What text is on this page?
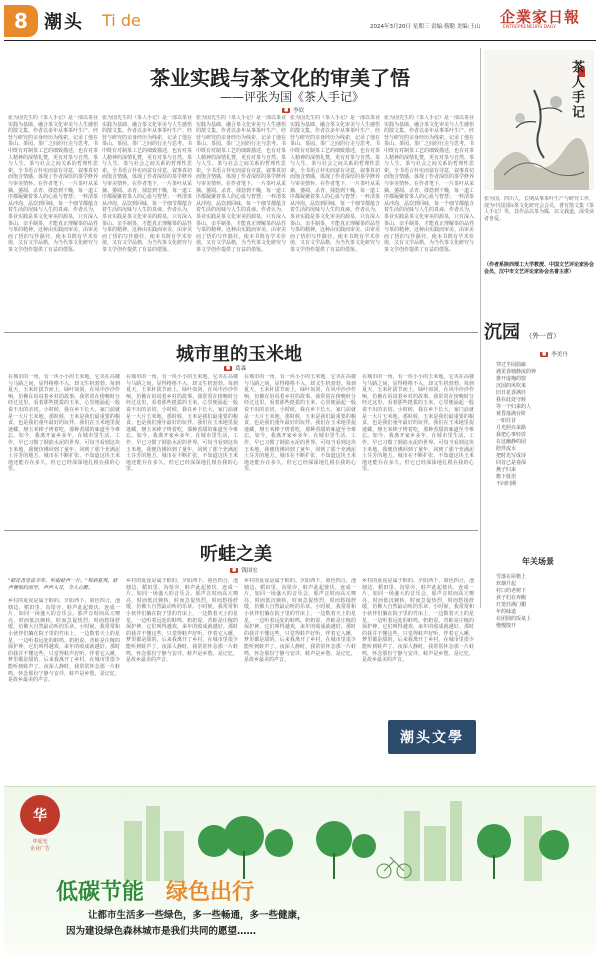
8 潮头 Ti de	2024年3月20日 星期三 责编:蔡勤 美编:王山
企業家日報
ENTREPRENEURS DAILY
茶业实践与茶文化的审美了悟
——评张为国《茶人手记》
■ 李钦
张为国先生的《茶人手记》是一部以茶业实践为基础、融合茶文化审美与人生感悟的散文集。作者以多年从事茶叶生产、经营与研究的亲身经历为线索，记录了他在茶山、茶园、茶厂之间的行走与思考。书中既有对制茶工艺的细致描述，也有对茶人精神的深情礼赞，更有对茶与自然、茶与人生、茶与社会之间关系的哲理性思索。全书语言朴实而富有诗意，叙事真切而饱含情感，体现了作者深厚的茶学修养与审美情怀。在作者笔下，一片茶叶从采摘、萎凋、杀青、揉捻到干燥，每一道工序都凝聚着茶人的心血与智慧；一杯清茶从冲泡、品饮到回味，每一个细节都蕴含着生活的况味与人生的真谛。作者认为，茶业实践是茶文化审美的源泉，只有深入茶山、亲手制茶，才能真正理解茶的品性与茶的精神。这种由实践而审美、由审美而了悟的写作路径，使本书既有学术价值，又有文学品格，为当代茶文化研究与茶文学创作提供了有益的借鉴。
张为国先生的《茶人手记》是一部以茶业实践为基础、融合茶文化审美与人生感悟的散文集。作者以多年从事茶叶生产、经营与研究的亲身经历为线索，记录了他在茶山、茶园、茶厂之间的行走与思考。书中既有对制茶工艺的细致描述，也有对茶人精神的深情礼赞，更有对茶与自然、茶与人生、茶与社会之间关系的哲理性思索。全书语言朴实而富有诗意，叙事真切而饱含情感，体现了作者深厚的茶学修养与审美情怀。在作者笔下，一片茶叶从采摘、萎凋、杀青、揉捻到干燥，每一道工序都凝聚着茶人的心血与智慧；一杯清茶从冲泡、品饮到回味，每一个细节都蕴含着生活的况味与人生的真谛。作者认为，茶业实践是茶文化审美的源泉，只有深入茶山、亲手制茶，才能真正理解茶的品性与茶的精神。这种由实践而审美、由审美而了悟的写作路径，使本书既有学术价值，又有文学品格，为当代茶文化研究与茶文学创作提供了有益的借鉴。
张为国先生的《茶人手记》是一部以茶业实践为基础、融合茶文化审美与人生感悟的散文集。作者以多年从事茶叶生产、经营与研究的亲身经历为线索，记录了他在茶山、茶园、茶厂之间的行走与思考。书中既有对制茶工艺的细致描述，也有对茶人精神的深情礼赞，更有对茶与自然、茶与人生、茶与社会之间关系的哲理性思索。全书语言朴实而富有诗意，叙事真切而饱含情感，体现了作者深厚的茶学修养与审美情怀。在作者笔下，一片茶叶从采摘、萎凋、杀青、揉捻到干燥，每一道工序都凝聚着茶人的心血与智慧；一杯清茶从冲泡、品饮到回味，每一个细节都蕴含着生活的况味与人生的真谛。作者认为，茶业实践是茶文化审美的源泉，只有深入茶山、亲手制茶，才能真正理解茶的品性与茶的精神。这种由实践而审美、由审美而了悟的写作路径，使本书既有学术价值，又有文学品格，为当代茶文化研究与茶文学创作提供了有益的借鉴。
张为国先生的《茶人手记》是一部以茶业实践为基础、融合茶文化审美与人生感悟的散文集。作者以多年从事茶叶生产、经营与研究的亲身经历为线索，记录了他在茶山、茶园、茶厂之间的行走与思考。书中既有对制茶工艺的细致描述，也有对茶人精神的深情礼赞，更有对茶与自然、茶与人生、茶与社会之间关系的哲理性思索。全书语言朴实而富有诗意，叙事真切而饱含情感，体现了作者深厚的茶学修养与审美情怀。在作者笔下，一片茶叶从采摘、萎凋、杀青、揉捻到干燥，每一道工序都凝聚着茶人的心血与智慧；一杯清茶从冲泡、品饮到回味，每一个细节都蕴含着生活的况味与人生的真谛。作者认为，茶业实践是茶文化审美的源泉，只有深入茶山、亲手制茶，才能真正理解茶的品性与茶的精神。这种由实践而审美、由审美而了悟的写作路径，使本书既有学术价值，又有文学品格，为当代茶文化研究与茶文学创作提供了有益的借鉴。
张为国先生的《茶人手记》是一部以茶业实践为基础、融合茶文化审美与人生感悟的散文集。作者以多年从事茶叶生产、经营与研究的亲身经历为线索，记录了他在茶山、茶园、茶厂之间的行走与思考。书中既有对制茶工艺的细致描述，也有对茶人精神的深情礼赞，更有对茶与自然、茶与人生、茶与社会之间关系的哲理性思索。全书语言朴实而富有诗意，叙事真切而饱含情感，体现了作者深厚的茶学修养与审美情怀。在作者笔下，一片茶叶从采摘、萎凋、杀青、揉捻到干燥，每一道工序都凝聚着茶人的心血与智慧；一杯清茶从冲泡、品饮到回味，每一个细节都蕴含着生活的况味与人生的真谛。作者认为，茶业实践是茶文化审美的源泉，只有深入茶山、亲手制茶，才能真正理解茶的品性与茶的精神。这种由实践而审美、由审美而了悟的写作路径，使本书既有学术价值，又有文学品格，为当代茶文化研究与茶文学创作提供了有益的借鉴。
茶人手记
张为国，四川人，长期从事茶叶生产与研究工作，现为中国国际茶文化研究会会员，著有散文集《茶人手记》等。其作品以茶为媒，以文载道，深受读者喜爱。
（作者系陕西理工大学教授、中国文艺评论家协会会员，汉中市文艺评论家协会名誉主席）
城市里的玉米地
■ 葛森
在城市的一角，有一块小小的玉米地。它夹在高楼与马路之间，显得格格不入，却又生机勃勃。每到夏天，玉米秆拔节而上，绿叶如剑，在风中沙沙作响，仿佛在诉说着乡村的故事。我常常在傍晚时分经过这里，看着那些挺拔的玉米，心里便涌起一股说不出的亲切。小时候，我在乡下长大，家门前就是一大片玉米地。那时候，玉米是我们最重要的粮食，也是我们童年最好的玩伴。我们在玉米地里捉迷藏，掰玉米棒子烤着吃，那种香甜的味道至今难忘。如今，我离开家乡多年，在城市里生活、工作，早已习惯了钢筋水泥的世界。可每当看到这块玉米地，我便仿佛回到了童年，回到了那个充满泥土芬芳的地方。城市在不断扩张，不知道这块玉米地还能存在多久，但它已经深深地扎根在我的心里。
在城市的一角，有一块小小的玉米地。它夹在高楼与马路之间，显得格格不入，却又生机勃勃。每到夏天，玉米秆拔节而上，绿叶如剑，在风中沙沙作响，仿佛在诉说着乡村的故事。我常常在傍晚时分经过这里，看着那些挺拔的玉米，心里便涌起一股说不出的亲切。小时候，我在乡下长大，家门前就是一大片玉米地。那时候，玉米是我们最重要的粮食，也是我们童年最好的玩伴。我们在玉米地里捉迷藏，掰玉米棒子烤着吃，那种香甜的味道至今难忘。如今，我离开家乡多年，在城市里生活、工作，早已习惯了钢筋水泥的世界。可每当看到这块玉米地，我便仿佛回到了童年，回到了那个充满泥土芬芳的地方。城市在不断扩张，不知道这块玉米地还能存在多久，但它已经深深地扎根在我的心里。
在城市的一角，有一块小小的玉米地。它夹在高楼与马路之间，显得格格不入，却又生机勃勃。每到夏天，玉米秆拔节而上，绿叶如剑，在风中沙沙作响，仿佛在诉说着乡村的故事。我常常在傍晚时分经过这里，看着那些挺拔的玉米，心里便涌起一股说不出的亲切。小时候，我在乡下长大，家门前就是一大片玉米地。那时候，玉米是我们最重要的粮食，也是我们童年最好的玩伴。我们在玉米地里捉迷藏，掰玉米棒子烤着吃，那种香甜的味道至今难忘。如今，我离开家乡多年，在城市里生活、工作，早已习惯了钢筋水泥的世界。可每当看到这块玉米地，我便仿佛回到了童年，回到了那个充满泥土芬芳的地方。城市在不断扩张，不知道这块玉米地还能存在多久，但它已经深深地扎根在我的心里。
在城市的一角，有一块小小的玉米地。它夹在高楼与马路之间，显得格格不入，却又生机勃勃。每到夏天，玉米秆拔节而上，绿叶如剑，在风中沙沙作响，仿佛在诉说着乡村的故事。我常常在傍晚时分经过这里，看着那些挺拔的玉米，心里便涌起一股说不出的亲切。小时候，我在乡下长大，家门前就是一大片玉米地。那时候，玉米是我们最重要的粮食，也是我们童年最好的玩伴。我们在玉米地里捉迷藏，掰玉米棒子烤着吃，那种香甜的味道至今难忘。如今，我离开家乡多年，在城市里生活、工作，早已习惯了钢筋水泥的世界。可每当看到这块玉米地，我便仿佛回到了童年，回到了那个充满泥土芬芳的地方。城市在不断扩张，不知道这块玉米地还能存在多久，但它已经深深地扎根在我的心里。
听蛙之美
■ 钱国宏
"稻花香里说丰年，听取蛙声一片。"每到夏夜，蛙声便如约而至，声声入耳，令人心醉。
乡村的夏夜是属于蛙的。夕阳西下，暮色四合，池塘边、稻田里、沟渠旁，蛙声此起彼伏，连成一片，如同一场盛大的音乐会。那声音时而高亢嘹亮，时而低沉婉转，时而急促热烈，时而悠扬舒缓，仿佛大自然最动听的乐章。小时候，我常常和小伙伴们躺在院子里的竹床上，一边数着天上的星星，一边听着远处的蛙鸣。奶奶说，青蛙是庄稼的保护神，它们叫得越欢，来年的收成就越好。那时的我并不懂这些，只觉得蛙声好听，伴着它入睡，梦里都是甜的。后来我离开了乡村，在城市里很少能听到蛙声了。夜深人静时，我常常怀念那一片蛙鸣，怀念那份宁静与安详。蛙声是乡愁，是记忆，是故乡最美的声音。
乡村的夏夜是属于蛙的。夕阳西下，暮色四合，池塘边、稻田里、沟渠旁，蛙声此起彼伏，连成一片，如同一场盛大的音乐会。那声音时而高亢嘹亮，时而低沉婉转，时而急促热烈，时而悠扬舒缓，仿佛大自然最动听的乐章。小时候，我常常和小伙伴们躺在院子里的竹床上，一边数着天上的星星，一边听着远处的蛙鸣。奶奶说，青蛙是庄稼的保护神，它们叫得越欢，来年的收成就越好。那时的我并不懂这些，只觉得蛙声好听，伴着它入睡，梦里都是甜的。后来我离开了乡村，在城市里很少能听到蛙声了。夜深人静时，我常常怀念那一片蛙鸣，怀念那份宁静与安详。蛙声是乡愁，是记忆，是故乡最美的声音。
乡村的夏夜是属于蛙的。夕阳西下，暮色四合，池塘边、稻田里、沟渠旁，蛙声此起彼伏，连成一片，如同一场盛大的音乐会。那声音时而高亢嘹亮，时而低沉婉转，时而急促热烈，时而悠扬舒缓，仿佛大自然最动听的乐章。小时候，我常常和小伙伴们躺在院子里的竹床上，一边数着天上的星星，一边听着远处的蛙鸣。奶奶说，青蛙是庄稼的保护神，它们叫得越欢，来年的收成就越好。那时的我并不懂这些，只觉得蛙声好听，伴着它入睡，梦里都是甜的。后来我离开了乡村，在城市里很少能听到蛙声了。夜深人静时，我常常怀念那一片蛙鸣，怀念那份宁静与安详。蛙声是乡愁，是记忆，是故乡最美的声音。
乡村的夏夜是属于蛙的。夕阳西下，暮色四合，池塘边、稻田里、沟渠旁，蛙声此起彼伏，连成一片，如同一场盛大的音乐会。那声音时而高亢嘹亮，时而低沉婉转，时而急促热烈，时而悠扬舒缓，仿佛大自然最动听的乐章。小时候，我常常和小伙伴们躺在院子里的竹床上，一边数着天上的星星，一边听着远处的蛙鸣。奶奶说，青蛙是庄稼的保护神，它们叫得越欢，来年的收成就越好。那时的我并不懂这些，只觉得蛙声好听，伴着它入睡，梦里都是甜的。后来我离开了乡村，在城市里很少能听到蛙声了。夜深人静时，我常常怀念那一片蛙鸣，怀念那份宁静与安详。蛙声是乡愁，是记忆，是故乡最美的声音。
潮头文學
沉园 （外一首）
■ 李美丹
穿过半园曲廊
遇见春塘静流的钟
推开虚掩的窗
沉园的风吹来
旧日花香满径
我在此处守候
等一个归来的人
黄昏落满台阶
一如往昔
月光照亮来路
我把心事轻放
在这幽静的园
陪伴流水
把时光写成诗
回首已是春深
燕子归来
檐下低语
不问归期
年关场景
雪落在屋檐上
炊烟升起
村口的老树下
孩子们在奔跑
灯笼挂满门楣
年的味道
在团圆的饭桌上
慢慢散开
华
华夏光
企业广告
低碳节能 绿色出行
让都市生活多一些绿色，多一些畅通，多一些健康，
因为建设绿色森林城市是我们共同的愿望……
